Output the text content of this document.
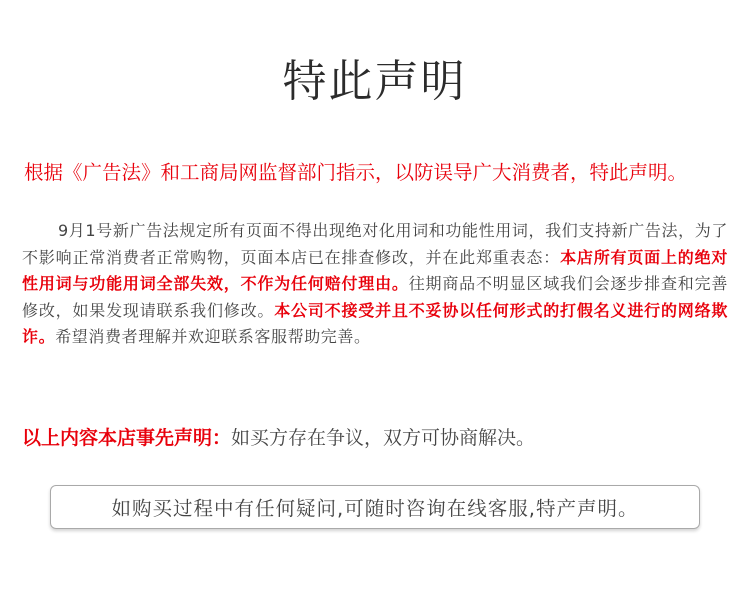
特此声明
根据《广告法》和工商局网监督部门指示，以防误导广大消费者，特此声明。
9月1号新广告法规定所有页面不得出现绝对化用词和功能性用词，我们支持新广告法，为了不影响正常消费者正常购物，页面本店已在排查修改，并在此郑重表态：本店所有页面上的绝对性用词与功能用词全部失效，不作为任何赔付理由。往期商品不明显区域我们会逐步排查和完善修改，如果发现请联系我们修改。本公司不接受并且不妥协以任何形式的打假名义进行的网络欺诈。希望消费者理解并欢迎联系客服帮助完善。
以上内容本店事先声明：如买方存在争议，双方可协商解决。
如购买过程中有任何疑问,可随时咨询在线客服,特产声明。
